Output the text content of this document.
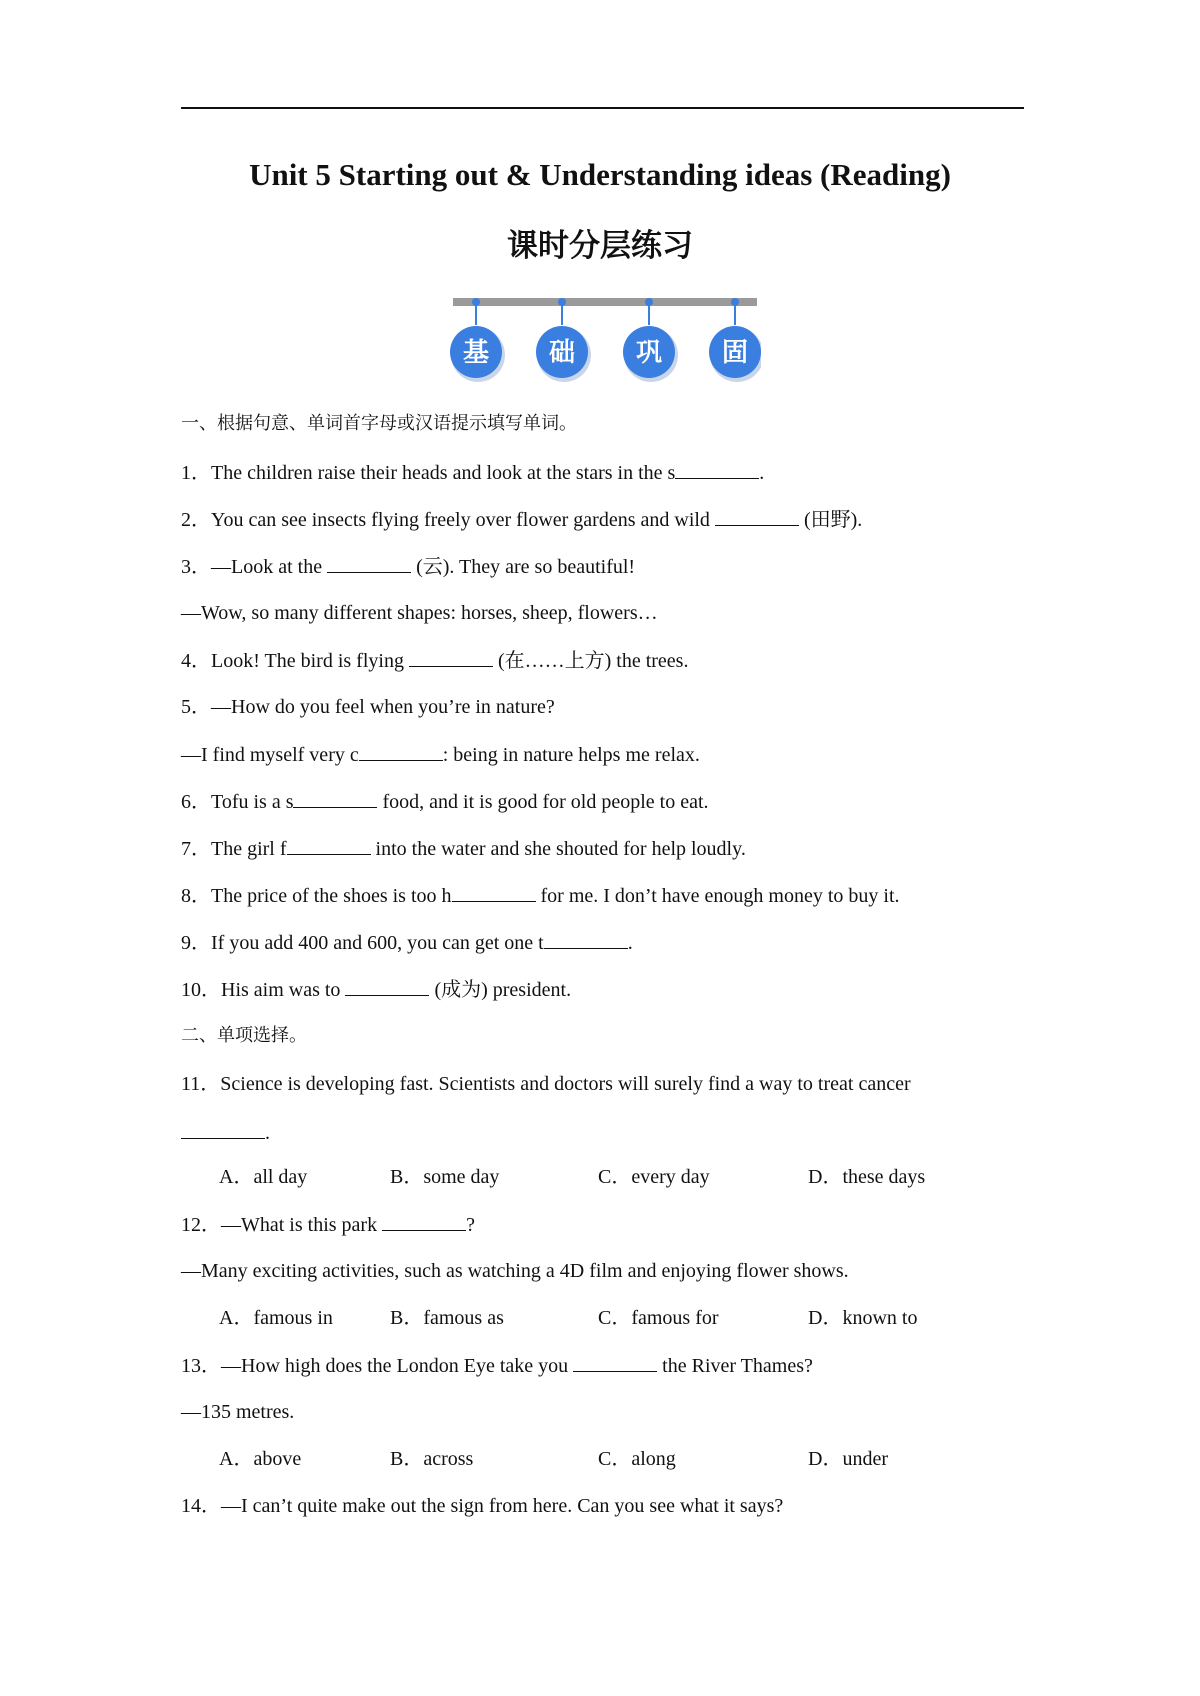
Unit 5 Starting out & Understanding ideas (Reading)
课时分层练习
基 础 巩 固
一、根据句意、单词首字母或汉语提示填写单词。
1．The children raise their heads and look at the stars in the s	.
2．You can see insects flying freely over flower gardens and wild	(田野).
3．—Look at the	(云). They are so beautiful!
—Wow, so many different shapes: horses, sheep, flowers…
4．Look! The bird is flying	(在……上方) the trees.
5．—How do you feel when you’re in nature?
—I find myself very c	: being in nature helps me relax.
6．Tofu is a s	food, and it is good for old people to eat.
7．The girl f	into the water and she shouted for help loudly.
8．The price of the shoes is too h	for me. I don’t have enough money to buy it.
9．If you add 400 and 600, you can get one t	.
10．His aim was to	(成为) president.
二、单项选择。
11．Science is developing fast. Scientists and doctors will surely find a way to treat cancer
.
A．all day	B．some day	C．every day	D．these days
12．—What is this park	?
—Many exciting activities, such as watching a 4D film and enjoying flower shows.
A．famous in	B．famous as	C．famous for	D．known to
13．—How high does the London Eye take you	the River Thames?
—135 metres.
A．above	B．across	C．along	D．under
14．—I can’t quite make out the sign from here. Can you see what it says?
